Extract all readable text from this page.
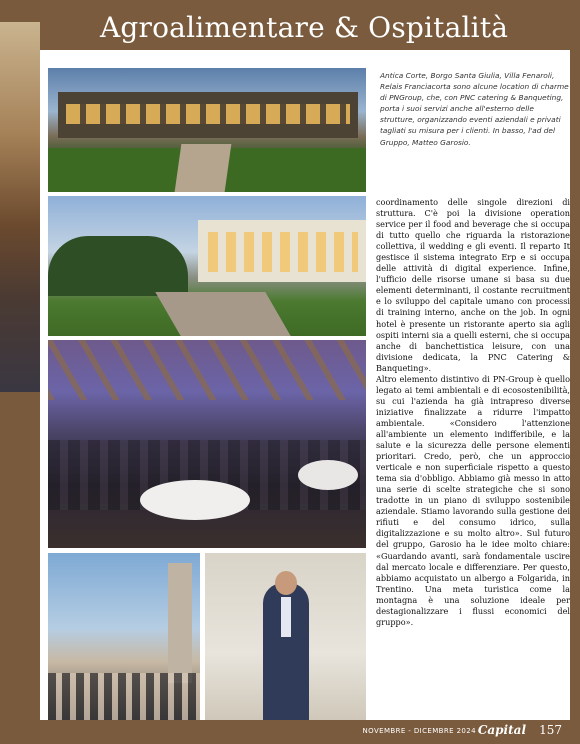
Agroalimentare & Ospitalità
Antica Corte, Borgo Santa Giulia, Villa Fenaroli, Relais Franciacorta sono alcune location di charme di PNGroup, che, con PNC catering & Banqueting, porta i suoi servizi anche all'esterno delle strutture, organizzando eventi aziendali e privati tagliati su misura per i clienti. In basso, l'ad del Gruppo, Matteo Garosio.

coordinamento delle singole direzioni di struttura. C'è poi la divisione operation service per il food and beverage che si occupa di tutto quello che riguarda la ristorazione collettiva, il wedding e gli eventi. Il reparto It gestisce il sistema integrato Erp e si occupa delle attività di digital experience. Infine, l'ufficio delle risorse umane si basa su due elementi determinanti, il costante recruitment e lo sviluppo del capitale umano con processi di training interno, anche on the job. In ogni hotel è presente un ristorante aperto sia agli ospiti interni sia a quelli esterni, che si occupa anche di banchettistica leisure, con una divisione dedicata, la PNC Catering & Banqueting».

Altro elemento distintivo di PN-Group è quello legato ai temi ambientali e di ecosostenibilità, su cui l'azienda ha già intrapreso diverse iniziative finalizzate a ridurre l'impatto ambientale. «Considero l'attenzione all'ambiente un elemento indifferibile, e la salute e la sicurezza delle persone elementi prioritari. Credo, però, che un approccio verticale e non superficiale rispetto a questo tema sia d'obbligo. Abbiamo già messo in atto una serie di scelte strategiche che si sono tradotte in un piano di sviluppo sostenibile aziendale. Stiamo lavorando sulla gestione dei rifiuti e del consumo idrico, sulla digitalizzazione e su molto altro». Sul futuro del gruppo, Garosio ha le idee molto chiare: «Guardando avanti, sarà fondamentale uscire dal mercato locale e differenziare. Per questo, abbiamo acquistato un albergo a Folgarida, in Trentino. Una meta turistica come la montagna è una soluzione ideale per destagionalizzare i flussi economici del gruppo».

NOVEMBRE - DICEMBRE 2024 Capital 157
